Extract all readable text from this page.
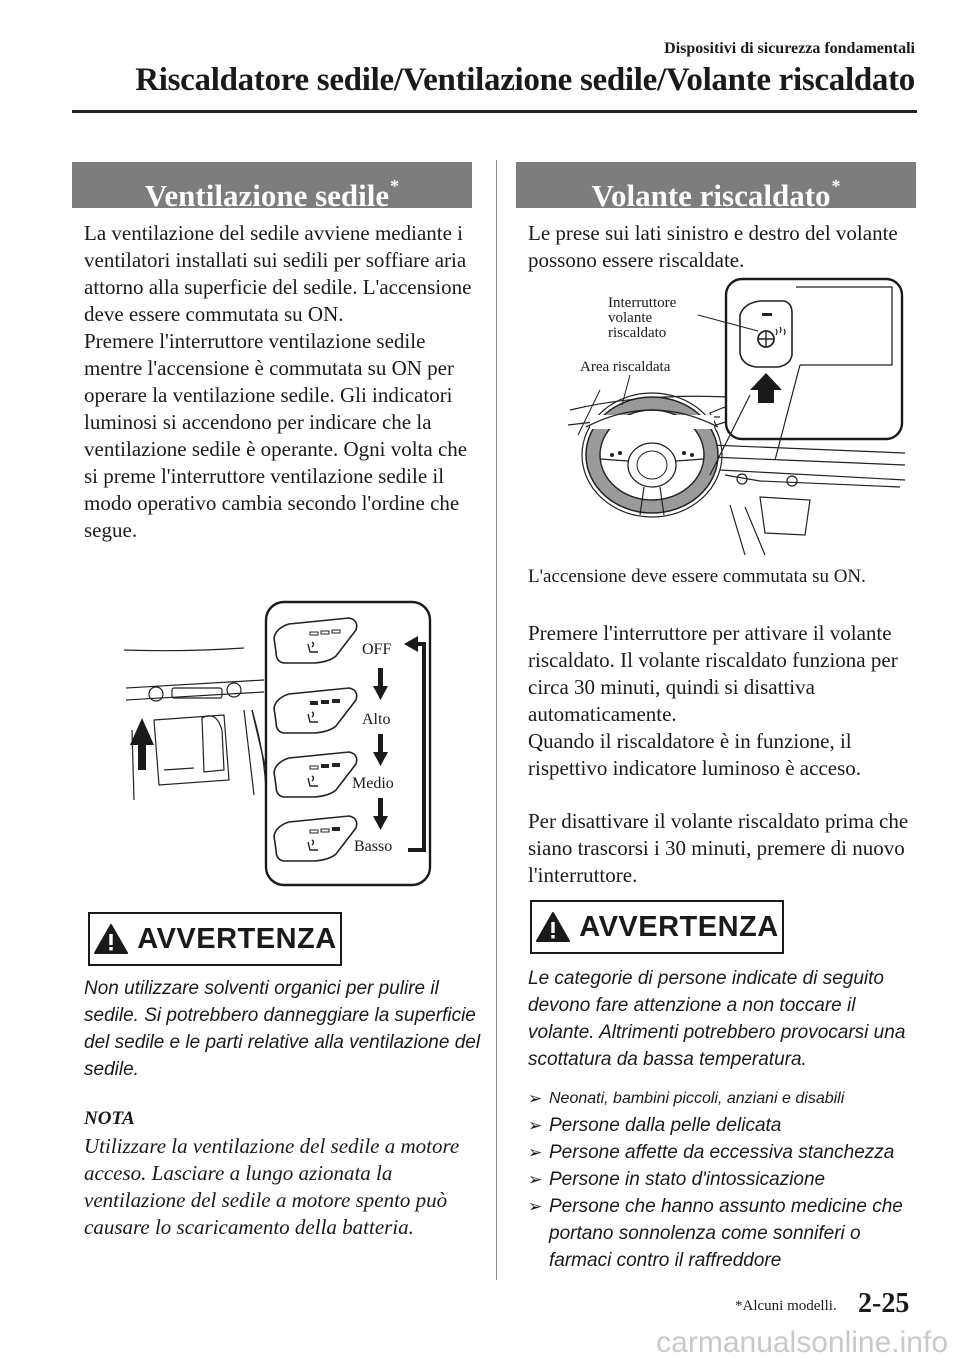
Dispositivi di sicurezza fondamentali
Riscaldatore sedile/Ventilazione sedile/Volante riscaldato
Ventilazione sedile*
La ventilazione del sedile avviene mediante i ventilatori installati sui sedili per soffiare aria attorno alla superficie del sedile. L'accensione deve essere commutata su ON.
Premere l'interruttore ventilazione sedile mentre l'accensione è commutata su ON per operare la ventilazione sedile. Gli indicatori luminosi si accendono per indicare che la ventilazione sedile è operante. Ogni volta che si preme l'interruttore ventilazione sedile il modo operativo cambia secondo l'ordine che segue.
OFF
Alto
Medio
Basso
AVVERTENZA
Non utilizzare solventi organici per pulire il sedile. Si potrebbero danneggiare la superficie del sedile e le parti relative alla ventilazione del sedile.
NOTA
Utilizzare la ventilazione del sedile a motore acceso. Lasciare a lungo azionata la ventilazione del sedile a motore spento può causare lo scaricamento della batteria.
Volante riscaldato*
Le prese sui lati sinistro e destro del volante possono essere riscaldate.
Interruttore
volante
riscaldato
Area riscaldata
L'accensione deve essere commutata su ON.
Premere l'interruttore per attivare il volante riscaldato. Il volante riscaldato funziona per circa 30 minuti, quindi si disattiva automaticamente.
Quando il riscaldatore è in funzione, il rispettivo indicatore luminoso è acceso.
Per disattivare il volante riscaldato prima che siano trascorsi i 30 minuti, premere di nuovo l'interruttore.
AVVERTENZA
Le categorie di persone indicate di seguito devono fare attenzione a non toccare il volante. Altrimenti potrebbero provocarsi una scottatura da bassa temperatura.
➢ Neonati, bambini piccoli, anziani e disabili
➢ Persone dalla pelle delicata
➢ Persone affette da eccessiva stanchezza
➢ Persone in stato d'intossicazione
➢ Persone che hanno assunto medicine che portano sonnolenza come sonniferi o farmaci contro il raffreddore
*Alcuni modelli. 2-25
carmanualsonline.info
